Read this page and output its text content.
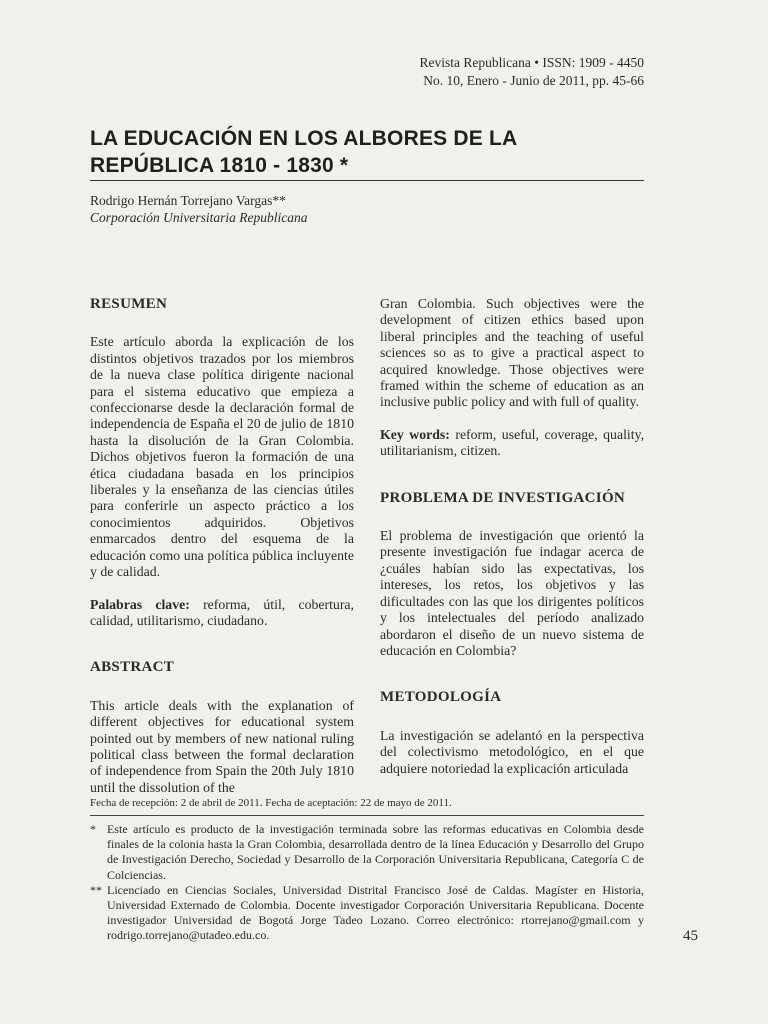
Revista Republicana • ISSN: 1909 - 4450
No. 10, Enero - Junio de 2011, pp. 45-66
LA EDUCACIÓN EN LOS ALBORES DE LA
REPÚBLICA 1810 - 1830 *
Rodrigo Hernán Torrejano Vargas**
Corporación Universitaria Republicana
RESUMEN

Este artículo aborda la explicación de los distintos objetivos trazados por los miembros de la nueva clase política dirigente nacional para el sistema educativo que empieza a confeccionarse desde la declaración formal de independencia de España el 20 de julio de 1810 hasta la disolución de la Gran Colombia. Dichos objetivos fueron la formación de una ética ciudadana basada en los principios liberales y la enseñanza de las ciencias útiles para conferirle un aspecto práctico a los conocimientos adquiridos. Objetivos enmarcados dentro del esquema de la educación como una política pública incluyente y de calidad.

Palabras clave: reforma, útil, cobertura, calidad, utilitarismo, ciudadano.

ABSTRACT

This article deals with the explanation of different objectives for educational system pointed out by members of new national ruling political class between the formal declaration of independence from Spain the 20th July 1810 until the dissolution of the

Gran Colombia. Such objectives were the development of citizen ethics based upon liberal principles and the teaching of useful sciences so as to give a practical aspect to acquired knowledge. Those objectives were framed within the scheme of education as an inclusive public policy and with full of quality.

Key words: reform, useful, coverage, quality, utilitarianism, citizen.

PROBLEMA DE INVESTIGACIÓN

El problema de investigación que orientó la presente investigación fue indagar acerca de ¿cuáles habían sido las expectativas, los intereses, los retos, los objetivos y las dificultades con las que los dirigentes políticos y los intelectuales del período analizado abordaron el diseño de un nuevo sistema de educación en Colombia?

METODOLOGÍA

La investigación se adelantó en la perspectiva del colectivismo metodológico, en el que adquiere notoriedad la explicación articulada

Fecha de recepción: 2 de abril de 2011. Fecha de aceptación: 22 de mayo de 2011.
* Este artículo es producto de la investigación terminada sobre las reformas educativas en Colombia desde finales de la colonia hasta la Gran Colombia, desarrollada dentro de la línea Educación y Desarrollo del Grupo de Investigación Derecho, Sociedad y Desarrollo de la Corporación Universitaria Republicana, Categoría C de Colciencias.
** Licenciado en Ciencias Sociales, Universidad Distrital Francisco José de Caldas. Magíster en Historia, Universidad Externado de Colombia. Docente investigador Corporación Universitaria Republicana. Docente investigador Universidad de Bogotá Jorge Tadeo Lozano. Correo electrónico: rtorrejano@gmail.com y rodrigo.torrejano@utadeo.edu.co.	45
